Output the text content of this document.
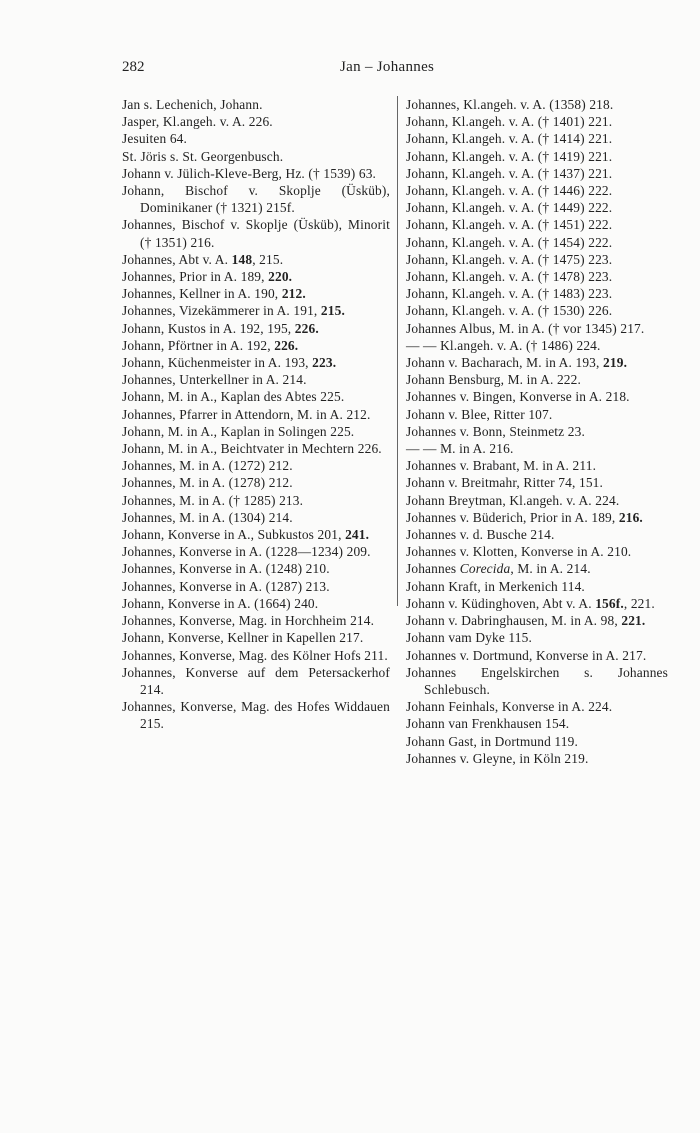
282	Jan – Johannes
Jan s. Lechenich, Johann.
Jasper, Kl.angeh. v. A. 226.
Jesuiten 64.
St. Jöris s. St. Georgenbusch.
Johann v. Jülich-Kleve-Berg, Hz. († 1539) 63.
Johann, Bischof v. Skoplje (Üsküb), Dominikaner († 1321) 215f.
Johannes, Bischof v. Skoplje (Üsküb), Minorit († 1351) 216.
Johannes, Abt v. A. 148, 215.
Johannes, Prior in A. 189, 220.
Johannes, Kellner in A. 190, 212.
Johannes, Vizekämmerer in A. 191, 215.
Johann, Kustos in A. 192, 195, 226.
Johann, Pförtner in A. 192, 226.
Johann, Küchenmeister in A. 193, 223.
Johannes, Unterkellner in A. 214.
Johann, M. in A., Kaplan des Abtes 225.
Johannes, Pfarrer in Attendorn, M. in A. 212.
Johann, M. in A., Kaplan in Solingen 225.
Johann, M. in A., Beichtvater in Mechtern 226.
Johannes, M. in A. (1272) 212.
Johannes, M. in A. (1278) 212.
Johannes, M. in A. († 1285) 213.
Johannes, M. in A. (1304) 214.
Johann, Konverse in A., Subkustos 201, 241.
Johannes, Konverse in A. (1228—1234) 209.
Johannes, Konverse in A. (1248) 210.
Johannes, Konverse in A. (1287) 213.
Johann, Konverse in A. (1664) 240.
Johannes, Konverse, Mag. in Horchheim 214.
Johann, Konverse, Kellner in Kapellen 217.
Johannes, Konverse, Mag. des Kölner Hofs 211.
Johannes, Konverse auf dem Petersackerhof 214.
Johannes, Konverse, Mag. des Hofes Widdauen 215.
Johannes, Kl.angeh. v. A. (1358) 218.
Johann, Kl.angeh. v. A. († 1401) 221.
Johann, Kl.angeh. v. A. († 1414) 221.
Johann, Kl.angeh. v. A. († 1419) 221.
Johann, Kl.angeh. v. A. († 1437) 221.
Johann, Kl.angeh. v. A. († 1446) 222.
Johann, Kl.angeh. v. A. († 1449) 222.
Johann, Kl.angeh. v. A. († 1451) 222.
Johann, Kl.angeh. v. A. († 1454) 222.
Johann, Kl.angeh. v. A. († 1475) 223.
Johann, Kl.angeh. v. A. († 1478) 223.
Johann, Kl.angeh. v. A. († 1483) 223.
Johann, Kl.angeh. v. A. († 1530) 226.
Johannes Albus, M. in A. († vor 1345) 217.
— — Kl.angeh. v. A. († 1486) 224.
Johann v. Bacharach, M. in A. 193, 219.
Johann Bensburg, M. in A. 222.
Johannes v. Bingen, Konverse in A. 218.
Johann v. Blee, Ritter 107.
Johannes v. Bonn, Steinmetz 23.
— — M. in A. 216.
Johannes v. Brabant, M. in A. 211.
Johann v. Breitmahr, Ritter 74, 151.
Johann Breytman, Kl.angeh. v. A. 224.
Johannes v. Büderich, Prior in A. 189, 216.
Johannes v. d. Busche 214.
Johannes v. Klotten, Konverse in A. 210.
Johannes Corecida, M. in A. 214.
Johann Kraft, in Merkenich 114.
Johann v. Küdinghoven, Abt v. A. 156f., 221.
Johann v. Dabringhausen, M. in A. 98, 221.
Johann vam Dyke 115.
Johannes v. Dortmund, Konverse in A. 217.
Johannes Engelskirchen s. Johannes Schlebusch.
Johann Feinhals, Konverse in A. 224.
Johann van Frenkhausen 154.
Johann Gast, in Dortmund 119.
Johannes v. Gleyne, in Köln 219.
